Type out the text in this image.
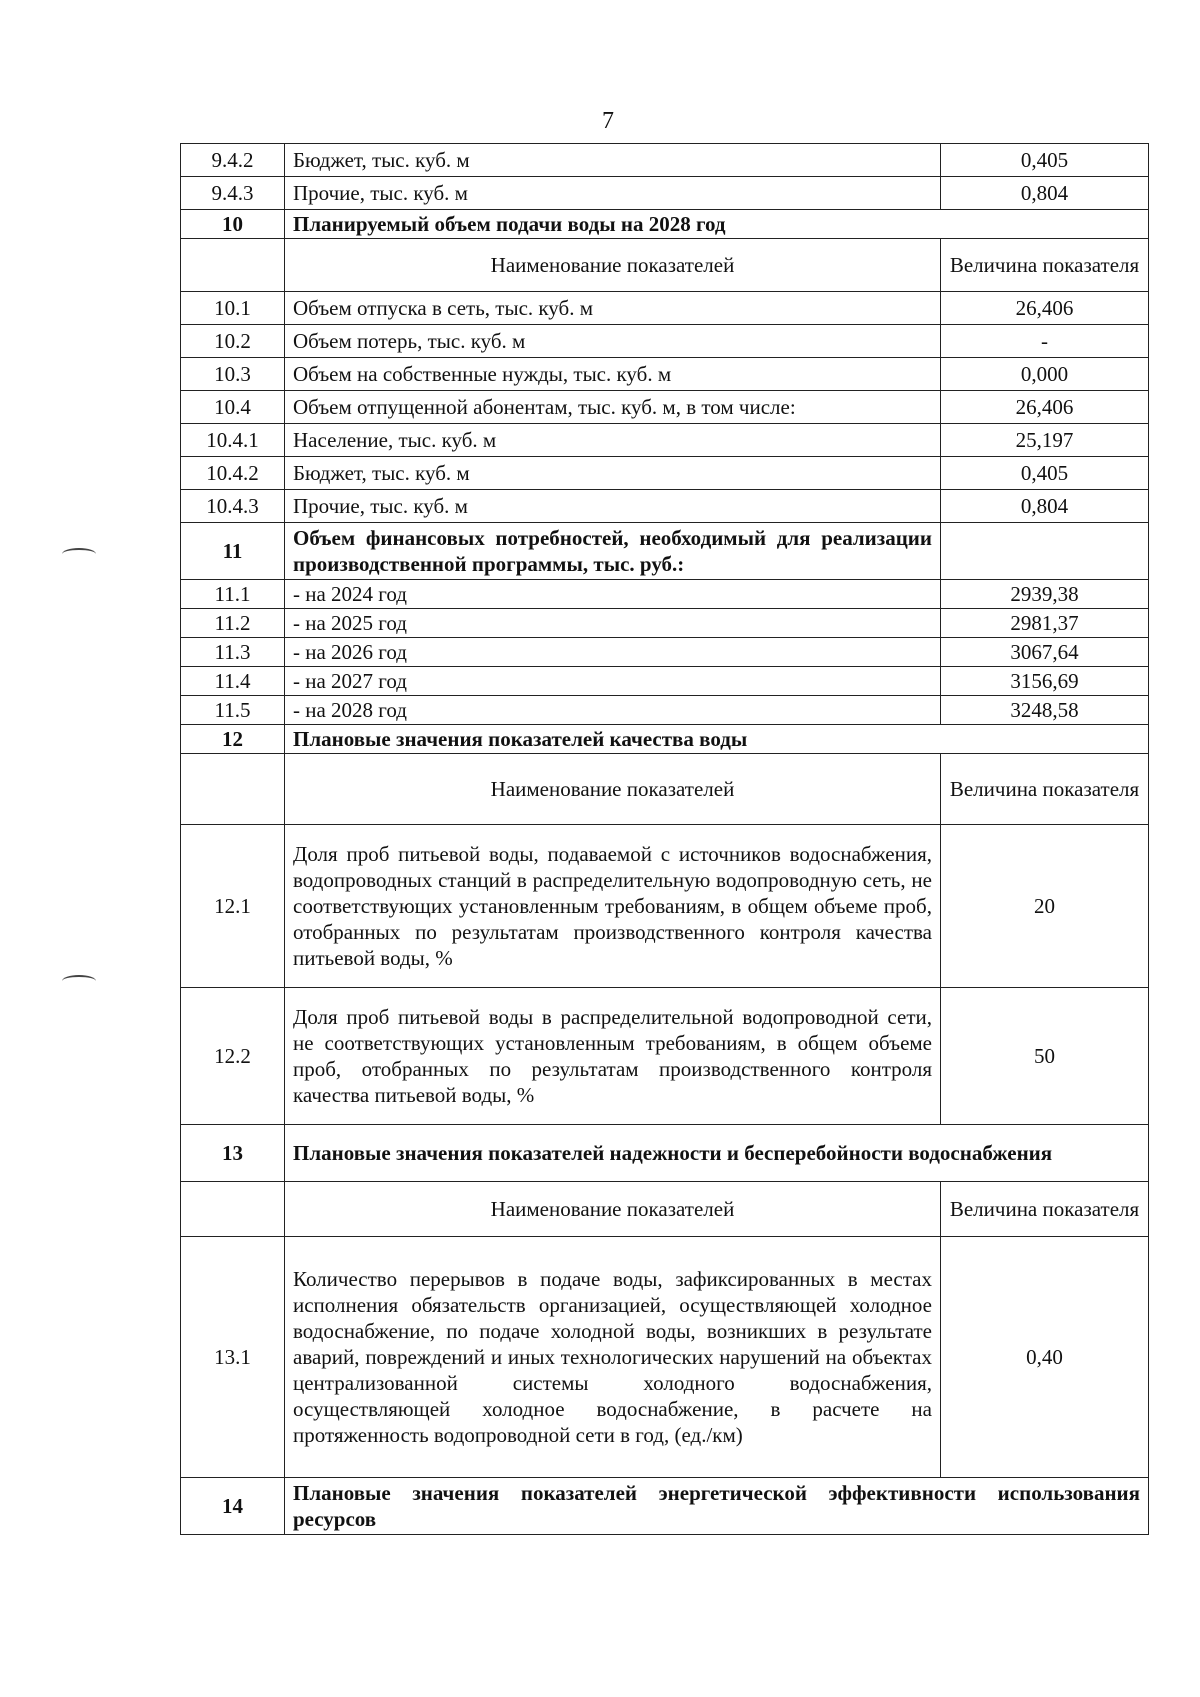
7
9.4.2	Бюджет, тыс. куб. м	0,405
9.4.3	Прочие, тыс. куб. м	0,804
10	Планируемый объем подачи воды на 2028 год	
	Наименование показателей	Величина показателя
10.1	Объем отпуска в сеть, тыс. куб. м	26,406
10.2	Объем потерь, тыс. куб. м	-
10.3	Объем на собственные нужды, тыс. куб. м	0,000
10.4	Объем отпущенной абонентам, тыс. куб. м, в том числе:	26,406
10.4.1	Население, тыс. куб. м	25,197
10.4.2	Бюджет, тыс. куб. м	0,405
10.4.3	Прочие, тыс. куб. м	0,804
11	Объем финансовых потребностей, необходимый для реализации производственной программы, тыс. руб.:	
11.1	- на 2024 год	2939,38
11.2	- на 2025 год	2981,37
11.3	- на 2026 год	3067,64
11.4	- на 2027 год	3156,69
11.5	- на 2028 год	3248,58
12	Плановые значения показателей качества воды	
	Наименование показателей	Величина показателя
12.1	Доля проб питьевой воды, подаваемой с источников водоснабжения, водопроводных станций в распределительную водопроводную сеть, не соответствующих установленным требованиям, в общем объеме проб, отобранных по результатам производственного контроля качества питьевой воды, %	20
12.2	Доля проб питьевой воды в распределительной водопроводной сети, не соответствующих установленным требованиям, в общем объеме проб, отобранных по результатам производственного контроля качества питьевой воды, %	50
13	Плановые значения показателей надежности и бесперебойности водоснабжения	
	Наименование показателей	Величина показателя
13.1	Количество перерывов в подаче воды, зафиксированных в местах исполнения обязательств организацией, осуществляющей холодное водоснабжение, по подаче холодной воды, возникших в результате аварий, повреждений и иных технологических нарушений на объектах централизованной системы холодного водоснабжения, осуществляющей холодное водоснабжение, в расчете на протяженность водопроводной сети в год, (ед./км)	0,40
14	Плановые значения показателей энергетической эффективности использования ресурсов	
